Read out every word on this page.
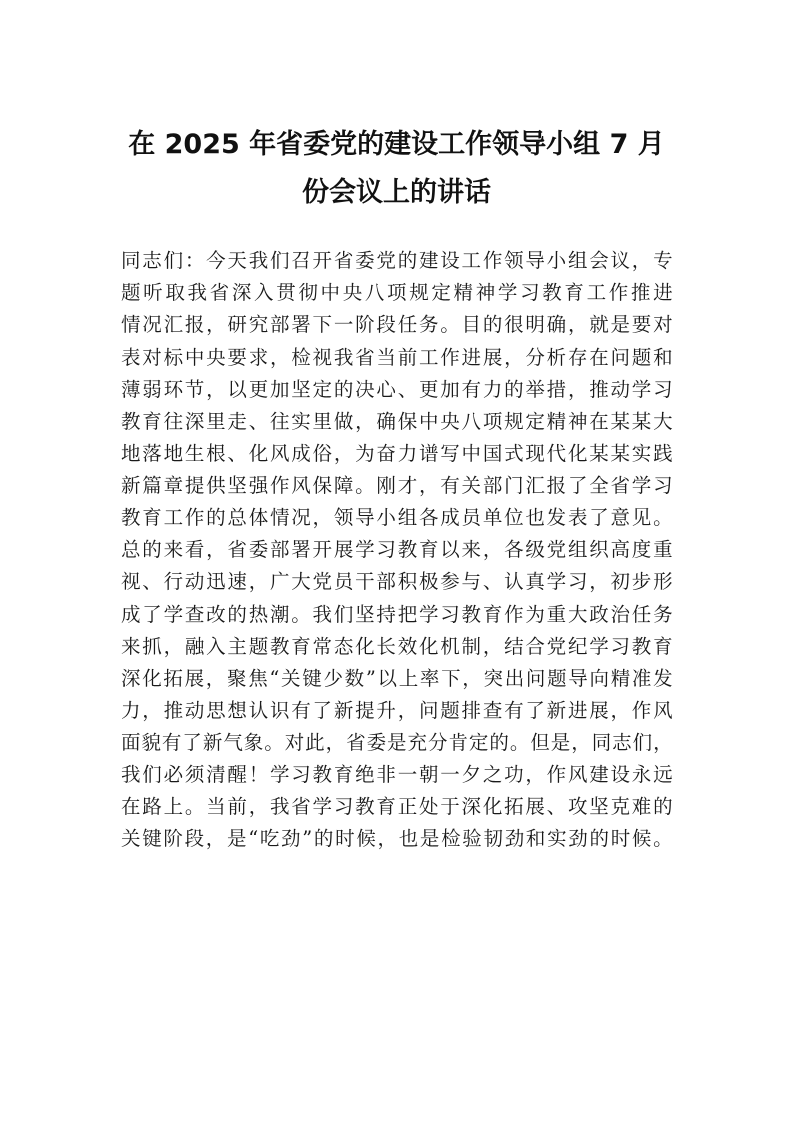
在 2025 年省委党的建设工作领导小组 7 月
份会议上的讲话
同志们：今天我们召开省委党的建设工作领导小组会议，专
题听取我省深入贯彻中央八项规定精神学习教育工作推进
情况汇报，研究部署下一阶段任务。目的很明确，就是要对
表对标中央要求，检视我省当前工作进展，分析存在问题和
薄弱环节，以更加坚定的决心、更加有力的举措，推动学习
教育往深里走、往实里做，确保中央八项规定精神在某某大
地落地生根、化风成俗，为奋力谱写中国式现代化某某实践
新篇章提供坚强作风保障。刚才，有关部门汇报了全省学习
教育工作的总体情况，领导小组各成员单位也发表了意见。
总的来看，省委部署开展学习教育以来，各级党组织高度重
视、行动迅速，广大党员干部积极参与、认真学习，初步形
成了学查改的热潮。我们坚持把学习教育作为重大政治任务
来抓，融入主题教育常态化长效化机制，结合党纪学习教育
深化拓展，聚焦“关键少数”以上率下，突出问题导向精准发
力，推动思想认识有了新提升，问题排查有了新进展，作风
面貌有了新气象。对此，省委是充分肯定的。但是，同志们，
我们必须清醒！学习教育绝非一朝一夕之功，作风建设永远
在路上。当前，我省学习教育正处于深化拓展、攻坚克难的
关键阶段，是“吃劲”的时候，也是检验韧劲和实劲的时候。
